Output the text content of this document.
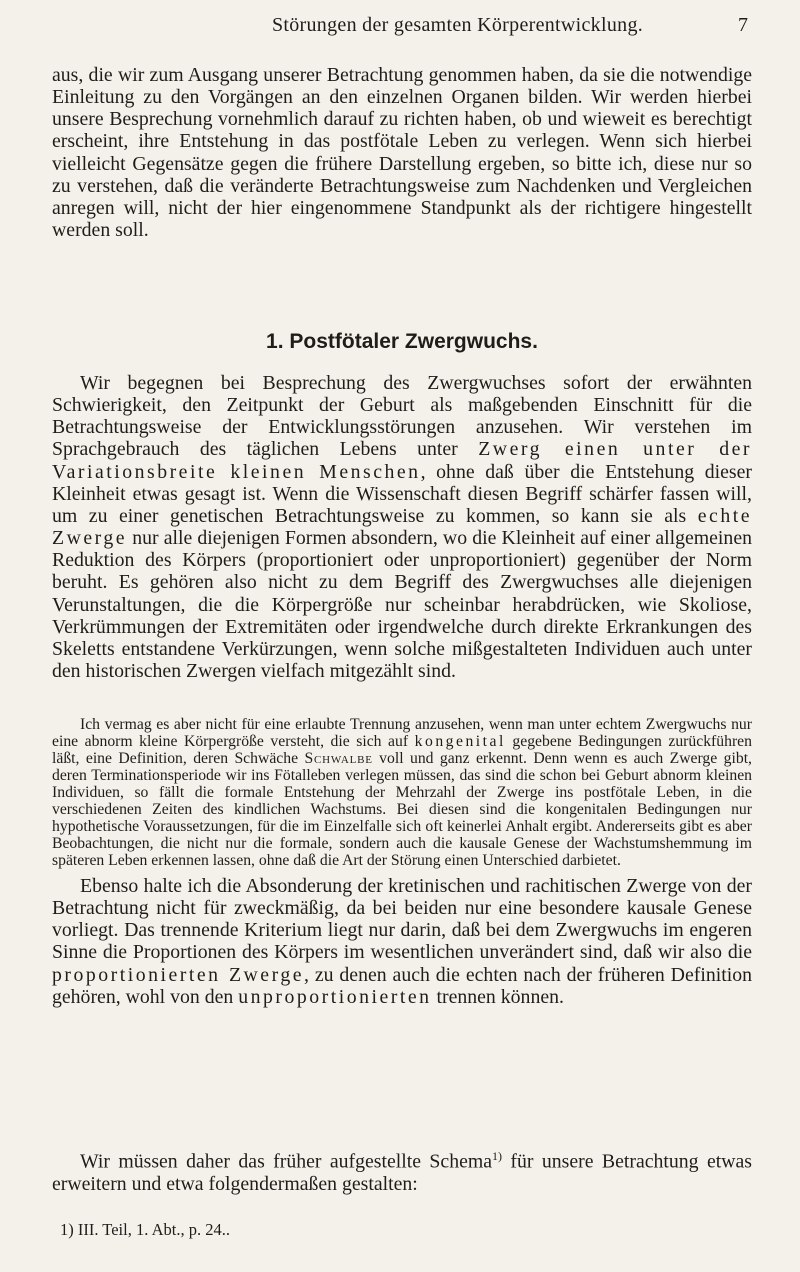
Störungen der gesamten Körperentwicklung.	7

aus, die wir zum Ausgang unserer Betrachtung genommen haben, da sie die notwendige Einleitung zu den Vorgängen an den einzelnen Organen bilden. Wir werden hierbei unsere Besprechung vornehmlich darauf zu richten haben, ob und wieweit es berechtigt erscheint, ihre Entstehung in das postfötale Leben zu verlegen. Wenn sich hierbei vielleicht Gegensätze gegen die frühere Darstellung ergeben, so bitte ich, diese nur so zu verstehen, daß die veränderte Betrachtungsweise zum Nachdenken und Vergleichen anregen will, nicht der hier eingenommene Standpunkt als der richtigere hingestellt werden soll.

1. Postfötaler Zwergwuchs.

Wir begegnen bei Besprechung des Zwergwuchses sofort der erwähnten Schwierigkeit, den Zeitpunkt der Geburt als maßgebenden Einschnitt für die Betrachtungsweise der Entwicklungsstörungen anzusehen. Wir verstehen im Sprachgebrauch des täglichen Lebens unter Zwerg einen unter der Variationsbreite kleinen Menschen, ohne daß über die Entstehung dieser Kleinheit etwas gesagt ist. Wenn die Wissenschaft diesen Begriff schärfer fassen will, um zu einer genetischen Betrachtungsweise zu kommen, so kann sie als echte Zwerge nur alle diejenigen Formen absondern, wo die Kleinheit auf einer allgemeinen Reduktion des Körpers (proportioniert oder unproportioniert) gegenüber der Norm beruht. Es gehören also nicht zu dem Begriff des Zwergwuchses alle diejenigen Verunstaltungen, die die Körpergröße nur scheinbar herabdrücken, wie Skoliose, Verkrümmungen der Extremitäten oder irgendwelche durch direkte Erkrankungen des Skeletts entstandene Verkürzungen, wenn solche mißgestalteten Individuen auch unter den historischen Zwergen vielfach mitgezählt sind.

Ich vermag es aber nicht für eine erlaubte Trennung anzusehen, wenn man unter echtem Zwergwuchs nur eine abnorm kleine Körpergröße versteht, die sich auf kongenital gegebene Bedingungen zurückführen läßt, eine Definition, deren Schwäche Schwalbe voll und ganz erkennt. Denn wenn es auch Zwerge gibt, deren Terminationsperiode wir ins Fötalleben verlegen müssen, das sind die schon bei Geburt abnorm kleinen Individuen, so fällt die formale Entstehung der Mehrzahl der Zwerge ins postfötale Leben, in die verschiedenen Zeiten des kindlichen Wachstums. Bei diesen sind die kongenitalen Bedingungen nur hypothetische Voraussetzungen, für die im Einzelfalle sich oft keinerlei Anhalt ergibt. Andererseits gibt es aber Beobachtungen, die nicht nur die formale, sondern auch die kausale Genese der Wachstumshemmung im späteren Leben erkennen lassen, ohne daß die Art der Störung einen Unterschied darbietet.

Ebenso halte ich die Absonderung der kretinischen und rachitischen Zwerge von der Betrachtung nicht für zweckmäßig, da bei beiden nur eine besondere kausale Genese vorliegt. Das trennende Kriterium liegt nur darin, daß bei dem Zwergwuchs im engeren Sinne die Proportionen des Körpers im wesentlichen unverändert sind, daß wir also die proportionierten Zwerge, zu denen auch die echten nach der früheren Definition gehören, wohl von den unproportionierten trennen können.

Wir müssen daher das früher aufgestellte Schema$^{1)}$ für unsere Betrachtung etwas erweitern und etwa folgendermaßen gestalten:

1) III. Teil, 1. Abt., p. 24..
